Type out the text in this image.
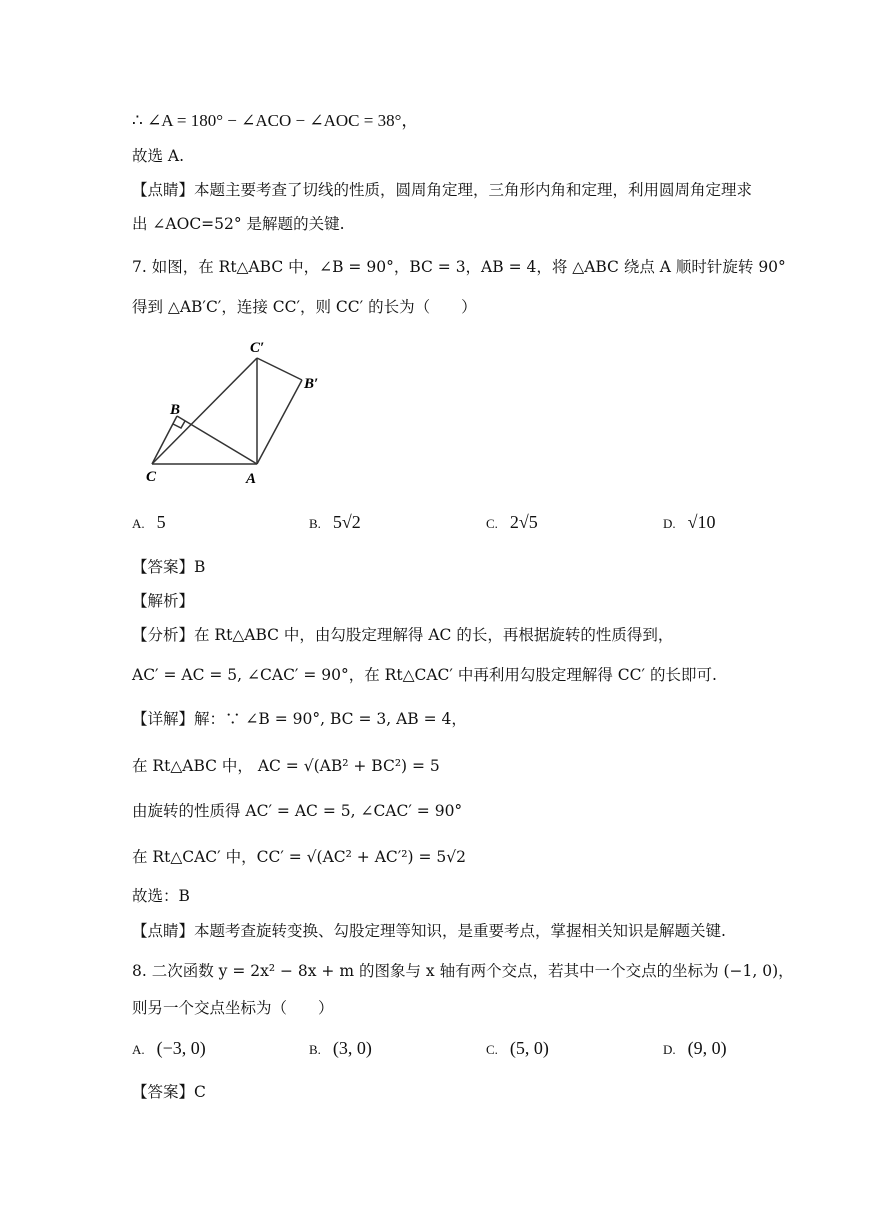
∴ ∠A = 180° − ∠ACO − ∠AOC = 38°，
故选 A.
【点睛】本题主要考查了切线的性质，圆周角定理，三角形内角和定理，利用圆周角定理求
出 ∠AOC=52° 是解题的关键.
7. 如图，在 Rt△ABC 中，∠B = 90°，BC = 3，AB = 4，将 △ABC 绕点 A 顺时针旋转 90°
得到 △AB′C′，连接 CC′，则 CC′ 的长为（　　）
C′
B′
B
C	A
A. 5	B. 5√2	C. 2√5	D. √10
【答案】B
【解析】
【分析】在 Rt△ABC 中，由勾股定理解得 AC 的长，再根据旋转的性质得到，
AC′ = AC = 5, ∠CAC′ = 90°，在 Rt△CAC′ 中再利用勾股定理解得 CC′ 的长即可.
【详解】解：∵ ∠B = 90°, BC = 3, AB = 4，
在 Rt△ABC 中， AC = √(AB² + BC²) = 5
由旋转的性质得 AC′ = AC = 5, ∠CAC′ = 90°
在 Rt△CAC′ 中，CC′ = √(AC² + AC′²) = 5√2
故选：B
【点睛】本题考查旋转变换、勾股定理等知识，是重要考点，掌握相关知识是解题关键.
8. 二次函数 y = 2x² − 8x + m 的图象与 x 轴有两个交点，若其中一个交点的坐标为 (−1, 0)，
则另一个交点坐标为（　　）
A. (−3, 0)	B. (3, 0)	C. (5, 0)	D. (9, 0)
【答案】C
